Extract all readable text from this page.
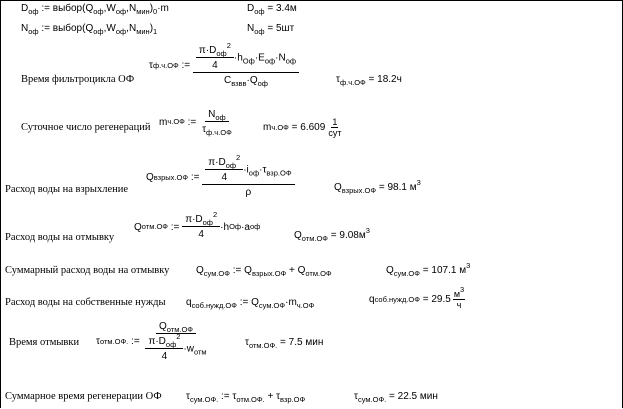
$D_{оф}$ := $выбор(Q_{оф},W_{оф},N_{мин})_0\cdot m$	$D_{оф} = 3.4м$
$N_{оф}$ := $выбор(Q_{оф},W_{оф},N_{мин})_1$	$N_{оф} = 5шт$
Время фильтроцикла ОФ
τ ф.ч.ОФ
:=
$\frac{\frac{\pi\cdot D_{оф}^2}{4} \cdot h_{Оф}\cdot E_{оф}\cdot N_{оф}}{C_{взвв}\cdot Q_{оф}}$	$\tau_{ф.ч.ОФ} = 18.2ч$
Суточное число регенераций m ч.ОФ
:=
$\frac{N_{оф}}{\tau_{ф.ч.ОФ}}$	m ч.ОФ
=
$6.609 \frac{1}{\text{сут}}$
Расход воды на взрыхление
Q взрых.ОФ
:=
$\frac{\frac{\pi\cdot D_{оф}^2}{4} \cdot i_{оф}\cdot\tau_{взр.ОФ}}{\rho}$	$Q_{взрых.ОФ} = 98.1$ $м^3$
Расход воды на отмывку
Q отм.ОФ
:=
$\frac{\pi\cdot D_{оф}^2}{4} \cdot h$ Оф ·a оф
$Q_{отм.ОФ} = 9.08м^3$
Суммарный расход воды на отмывку	$Q_{сум.ОФ}$ := $Q_{взрых.ОФ} + Q_{отм.ОФ}$	$Q_{сум.ОФ} = 107.1$ $м^3$
Расход воды на собственные нужды $q_{соб.нужд.ОФ}$ := $Q_{сум.ОФ}\cdot m_{ч.ОФ}$
q соб.нужд.ОФ
=
$29.5 \frac{м^3}{ч}$
Время отмывки τ отм.ОФ.
:=
$\frac{Q_{отм.ОФ}}{\frac{\pi\cdot D_{оф}^2}{4} \cdot w_{отм}}$	$\tau_{отм.ОФ.} = 7.5$ мин
Суммарное время регенерации ОФ $\tau_{сум.ОФ.}$ := $\tau_{отм.ОФ.} + \tau_{взр.ОФ}$	$\tau_{сум.ОФ.} = 22.5$ мин
